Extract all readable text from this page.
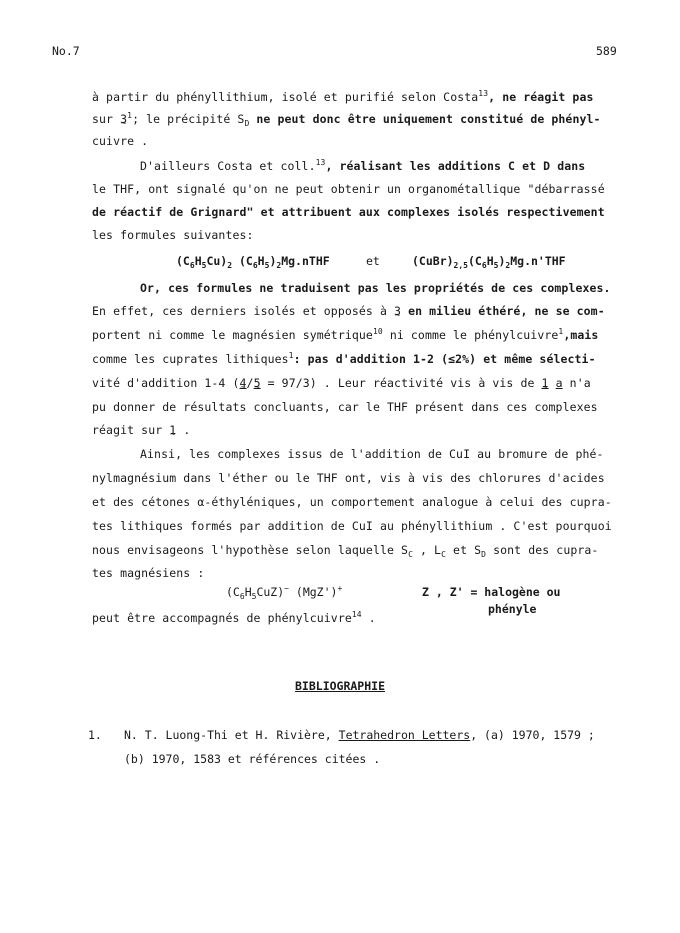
No.7	589
à partir du phényllithium, isolé et purifié selon Costa$^{13}$, ne réagit pas
sur 3 ~$^1$; le précipité $S_D$ ne peut donc être uniquement constitué de phényl-
cuivre .
D'ailleurs Costa et coll.$^{13}$, réalisant les additions C et D dans
le THF, ont signalé qu'on ne peut obtenir un organométallique "débarrassé
de réactif de Grignard" et attribuent aux complexes isolés respectivement
les formules suivantes:
$(C_6H_5Cu)_2$ $(C_6H_5)_2Mg.nTHF$	et	$(CuBr)_{2,5}(C_6H_5)_2Mg.n'THF$
Or, ces formules ne traduisent pas les propriétés de ces complexes.
En effet, ces derniers isolés et opposés à 3 ~ en milieu éthéré, ne se com-
portent ni comme le magnésien symétrique$^{10}$ ni comme le phénylcuivre$^1$,mais
comme les cuprates lithiques$^1$: pas d'addition 1-2 (≤2%) et même sélecti-
vité d'addition 1-4 (4 ~/5 ~ = 97/3) . Leur réactivité vis à vis de 1 ~ a n'a
pu donner de résultats concluants, car le THF présent dans ces complexes
réagit sur 1 ~ .
Ainsi, les complexes issus de l'addition de CuI au bromure de phé-
nylmagnésium dans l'éther ou le THF ont, vis à vis des chlorures d'acides
et des cétones α-éthyléniques, un comportement analogue à celui des cupra-
tes lithiques formés par addition de CuI au phényllithium . C'est pourquoi
nous envisageons l'hypothèse selon laquelle $S_C$ , $L_C$ et $S_D$ sont des cupra-
tes magnésiens :
$(C_6H_5CuZ)^-$ (MgZ')+	Z , Z' = halogène ou
phényle
peut être accompagnés de phénylcuivre$^{14}$ .
BIBLIOGRAPHIE
1. N. T. Luong-Thi et H. Rivière, Tetrahedron Letters, (a) 1970, 1579 ;
(b) 1970, 1583 et références citées .
